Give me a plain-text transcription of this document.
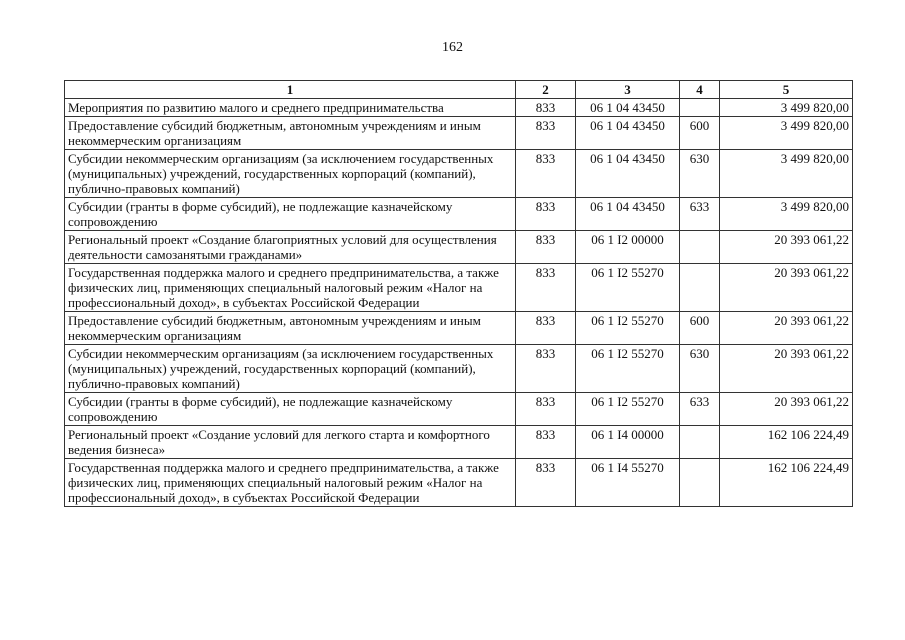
162
1	2	3	4	5
Мероприятия по развитию малого и среднего предпринимательства	833	06 1 04 43450		3 499 820,00
Предоставление субсидий бюджетным, автономным учреждениям и иным некоммерческим организациям	833	06 1 04 43450	600	3 499 820,00
Субсидии некоммерческим организациям (за исключением государственных (муниципальных) учреждений, государственных корпораций (компаний), публично-правовых компаний)	833	06 1 04 43450	630	3 499 820,00
Субсидии (гранты в форме субсидий), не подлежащие казначейскому сопровождению	833	06 1 04 43450	633	3 499 820,00
Региональный проект «Создание благоприятных условий для осуществления деятельности самозанятыми гражданами»	833	06 1 I2 00000		20 393 061,22
Государственная поддержка малого и среднего предпринимательства, а также физических лиц, применяющих специальный налоговый режим «Налог на профессиональный доход», в субъектах Российской Федерации	833	06 1 I2 55270		20 393 061,22
Предоставление субсидий бюджетным, автономным учреждениям и иным некоммерческим организациям	833	06 1 I2 55270	600	20 393 061,22
Субсидии некоммерческим организациям (за исключением государственных (муниципальных) учреждений, государственных корпораций (компаний), публично-правовых компаний)	833	06 1 I2 55270	630	20 393 061,22
Субсидии (гранты в форме субсидий), не подлежащие казначейскому сопровождению	833	06 1 I2 55270	633	20 393 061,22
Региональный проект «Создание условий для легкого старта и комфортного ведения бизнеса»	833	06 1 I4 00000		162 106 224,49
Государственная поддержка малого и среднего предпринимательства, а также физических лиц, применяющих специальный налоговый режим «Налог на профессиональный доход», в субъектах Российской Федерации	833	06 1 I4 55270		162 106 224,49
